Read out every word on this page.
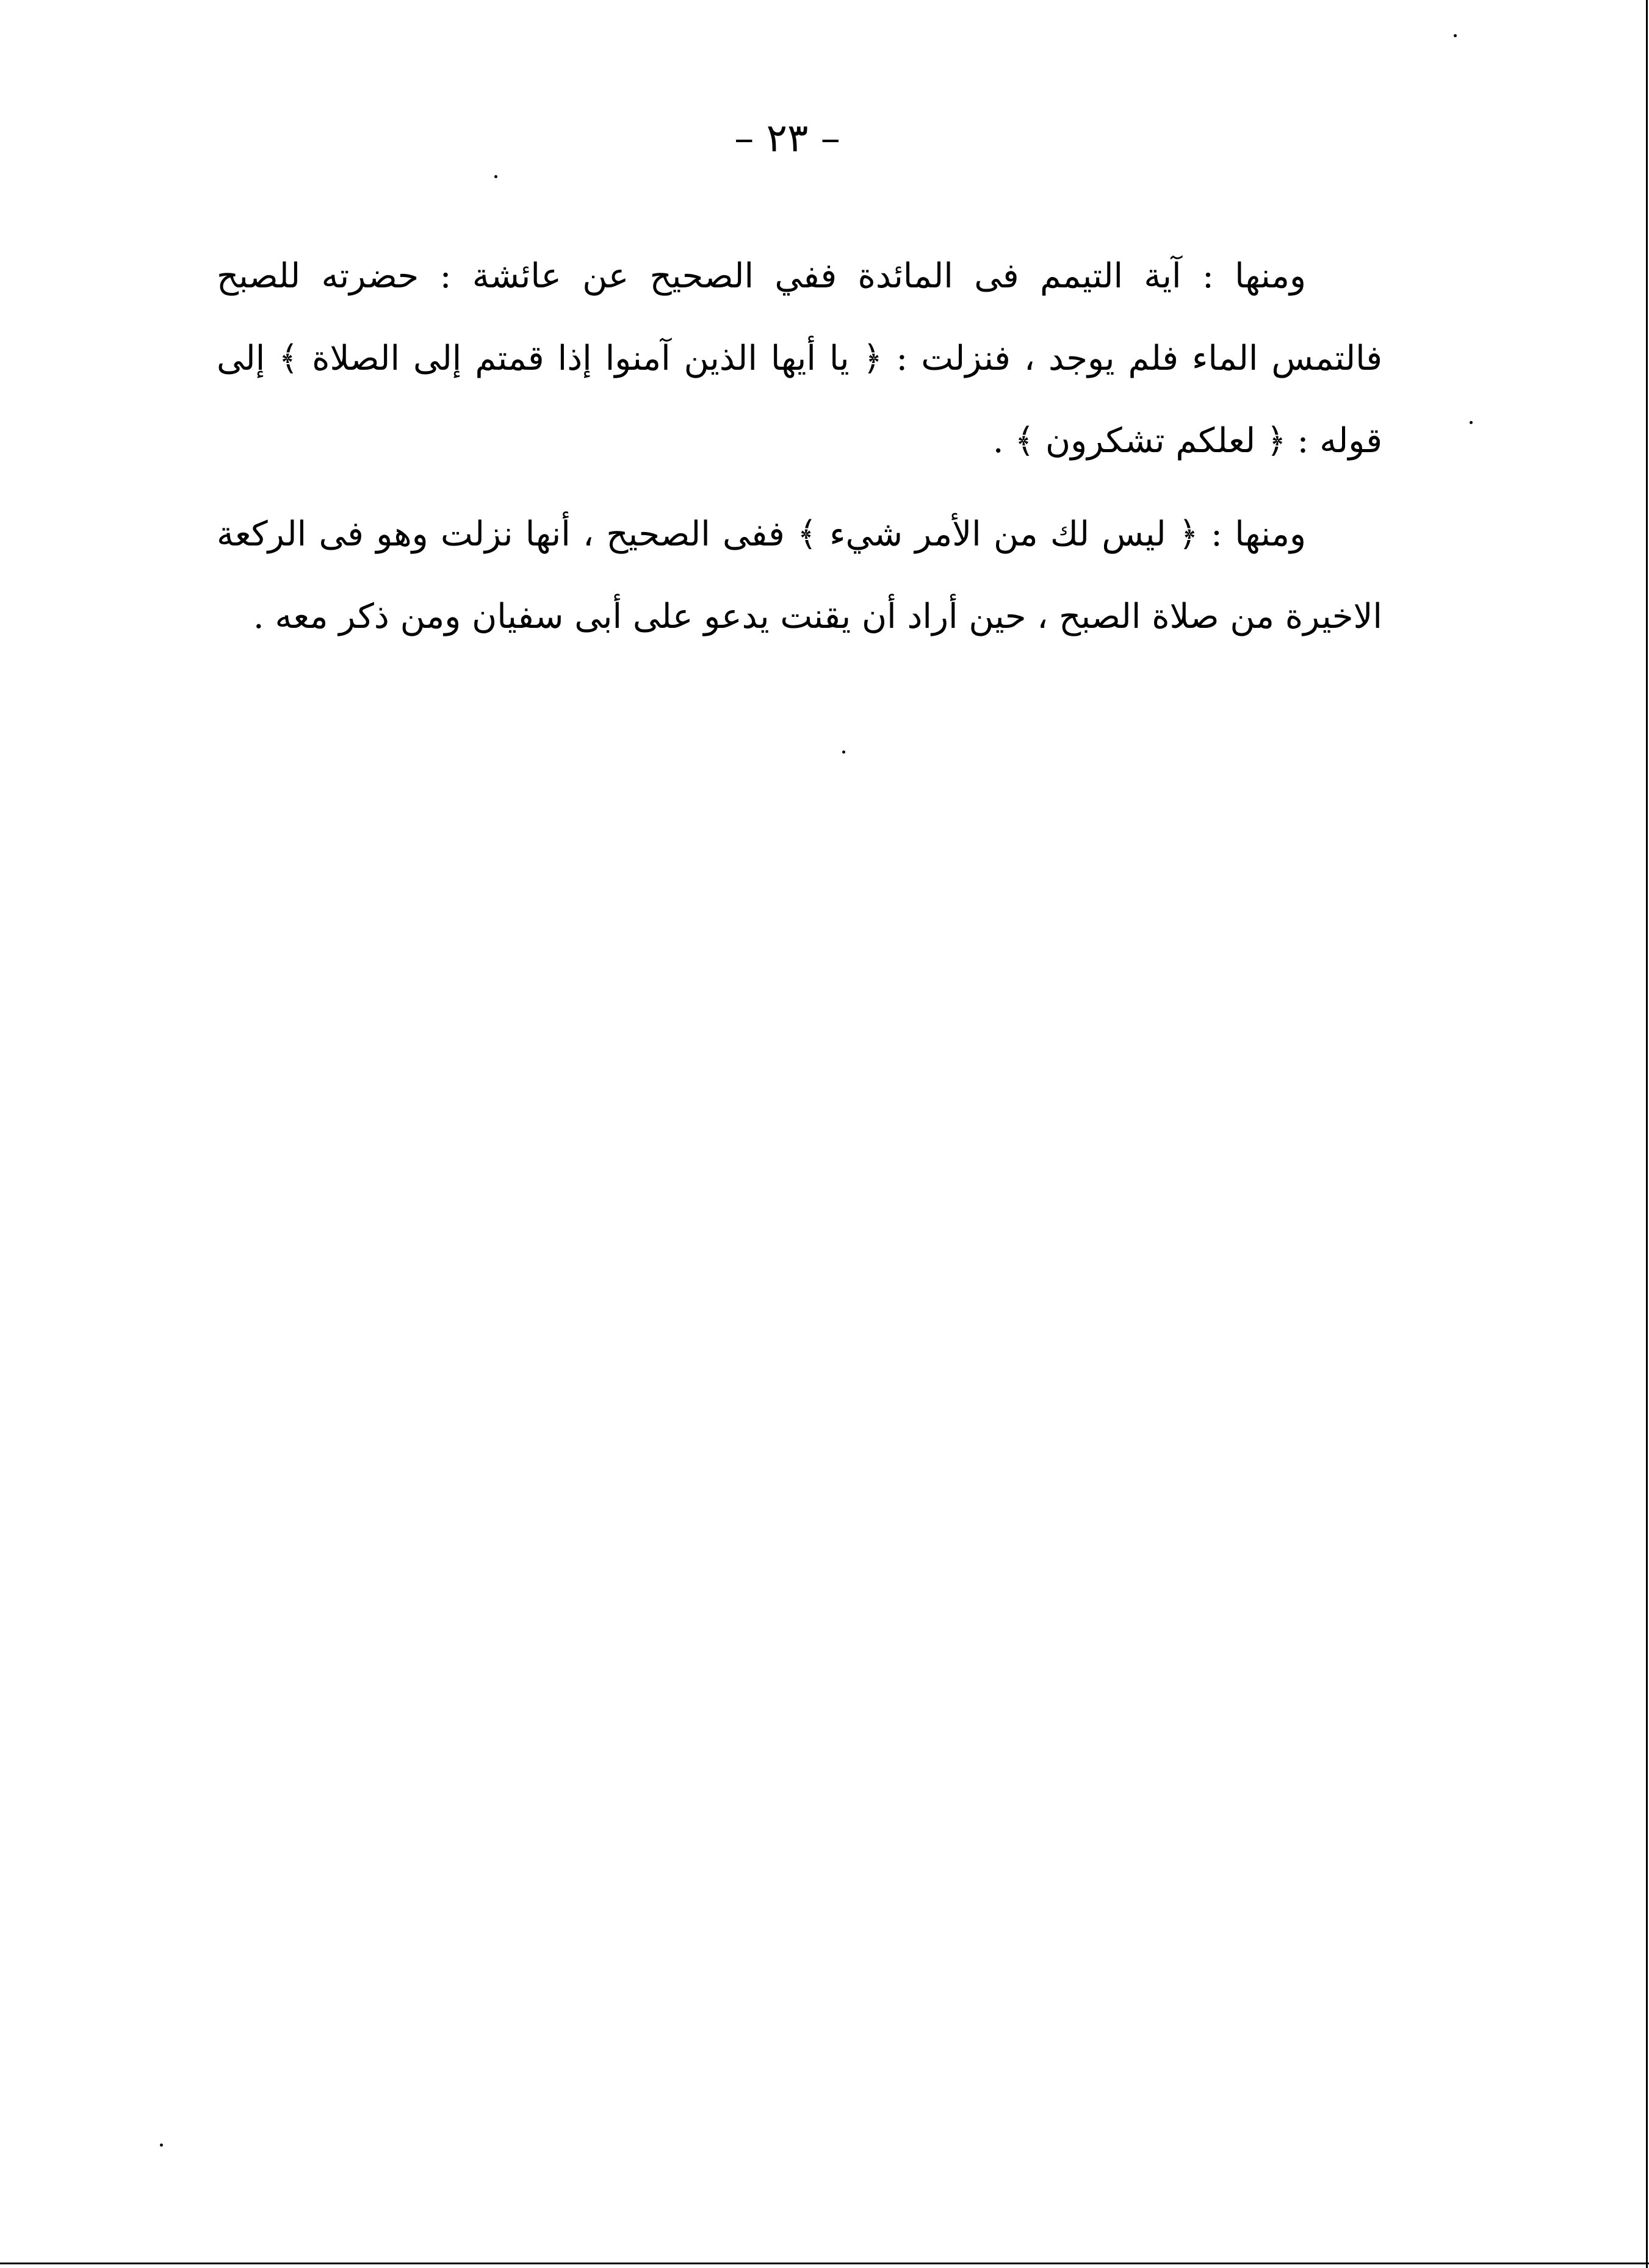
– ٢٣ –

ومنها : آية التيمم فى المائدة ففي الصحيح عن عائشة : حضرته للصبح فالتمس الماء فلم يوجد ، فنزلت : ﴿ يا أيها الذين آمنوا إذا قمتم إلى الصلاة ﴾ إلى قوله : ﴿ لعلكم تشكرون ﴾ .

ومنها : ﴿ ليس لك من الأمر شيء ﴾ ففى الصحيح ، أنها نزلت وهو فى الركعة الاخيرة من صلاة الصبح ، حين أراد أن يقنت يدعو على أبى سفيان ومن ذكر معه .
